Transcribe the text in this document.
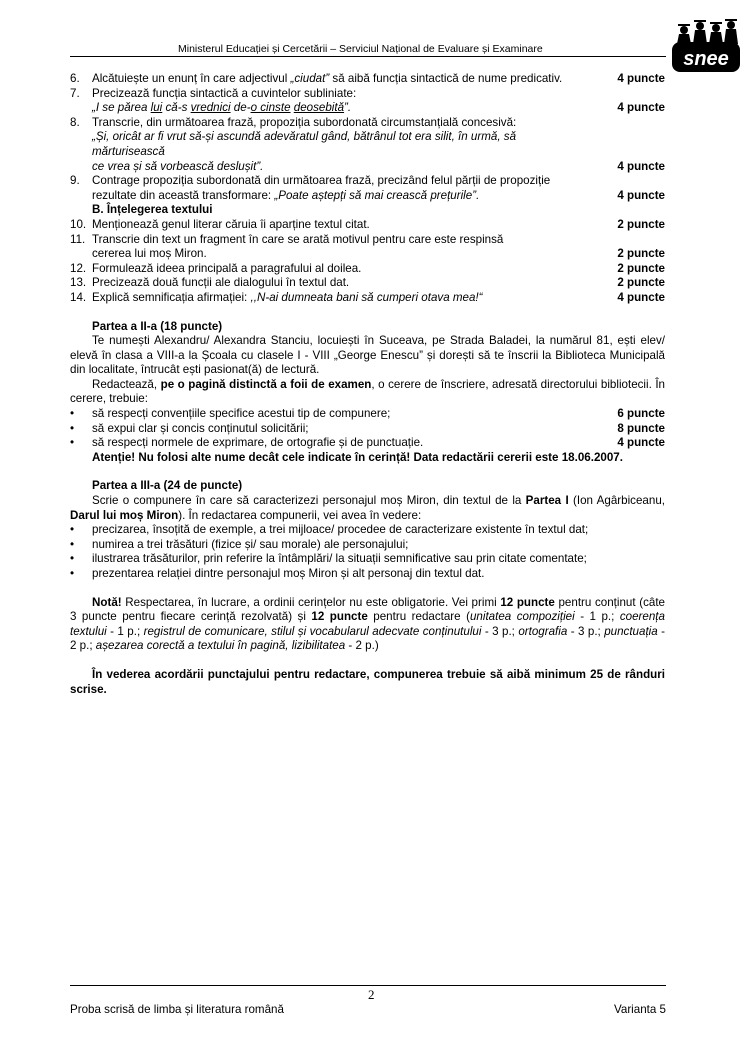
Ministerul Educației și Cercetării – Serviciul Național de Evaluare și Examinare	snee
6. Alcătuiește un enunț în care adjectivul „ciudat” să aibă funcția sintactică de nume predicativ.	4 puncte
7. Precizează funcția sintactică a cuvintelor subliniate:
„I se părea lui că-s vrednici de-o cinste deosebită”.	4 puncte
8. Transcrie, din următoarea frază, propoziția subordonată circumstanțială concesivă:
„Și, oricât ar fi vrut să-și ascundă adevăratul gând, bătrânul tot era silit, în urmă, să mărturisească
ce vrea și să vorbească deslușit”.	4 puncte
9. Contrage propoziția subordonată din următoarea frază, precizând felul părții de propoziție
rezultate din această transformare: „Poate aștepți să mai crească prețurile”.	4 puncte
B. Înțelegerea textului
10. Menționează genul literar căruia îi aparține textul citat.	2 puncte
11. Transcrie din text un fragment în care se arată motivul pentru care este respinsă
cererea lui moș Miron.	2 puncte
12. Formulează ideea principală a paragrafului al doilea.	2 puncte
13. Precizează două funcții ale dialogului în textul dat.	2 puncte
14. Explică semnificația afirmației: ,,N-ai dumneata bani să cumperi otava mea!“	4 puncte
Partea a II-a (18 puncte)
Te numești Alexandru/ Alexandra Stanciu, locuiești în Suceava, pe Strada Baladei, la numărul 81, ești elev/ elevă în clasa a VIII-a la Școala cu clasele I - VIII „George Enescu” și dorești să te înscrii la Biblioteca Municipală din localitate, întrucât ești pasionat(ă) de lectură.
Redactează, pe o pagină distinctă a foii de examen, o cerere de înscriere, adresată directorului bibliotecii. În cerere, trebuie:
• să respecți convențiile specifice acestui tip de compunere;	6 puncte
• să expui clar și concis conținutul solicitării;	8 puncte
• să respecți normele de exprimare, de ortografie și de punctuație.	4 puncte
Atenție! Nu folosi alte nume decât cele indicate în cerință! Data redactării cererii este 18.06.2007.
Partea a III-a (24 de puncte)
Scrie o compunere în care să caracterizezi personajul moș Miron, din textul de la Partea I (Ion Agârbiceanu, Darul lui moș Miron). În redactarea compunerii, vei avea în vedere:
• precizarea, însoțită de exemple, a trei mijloace/ procedee de caracterizare existente în textul dat;
• numirea a trei trăsături (fizice și/ sau morale) ale personajului;
• ilustrarea trăsăturilor, prin referire la întâmplări/ la situații semnificative sau prin citate comentate;
• prezentarea relației dintre personajul moș Miron și alt personaj din textul dat.
Notă! Respectarea, în lucrare, a ordinii cerințelor nu este obligatorie. Vei primi 12 puncte pentru conținut (câte 3 puncte pentru fiecare cerință rezolvată) și 12 puncte pentru redactare (unitatea compoziției - 1 p.; coerența textului - 1 p.; registrul de comunicare, stilul și vocabularul adecvate conținutului - 3 p.; ortografia - 3 p.; punctuația - 2 p.; așezarea corectă a textului în pagină, lizibilitatea - 2 p.)
În vederea acordării punctajului pentru redactare, compunerea trebuie să aibă minimum 25 de rânduri scrise.
2
Proba scrisă de limba și literatura română	Varianta 5
